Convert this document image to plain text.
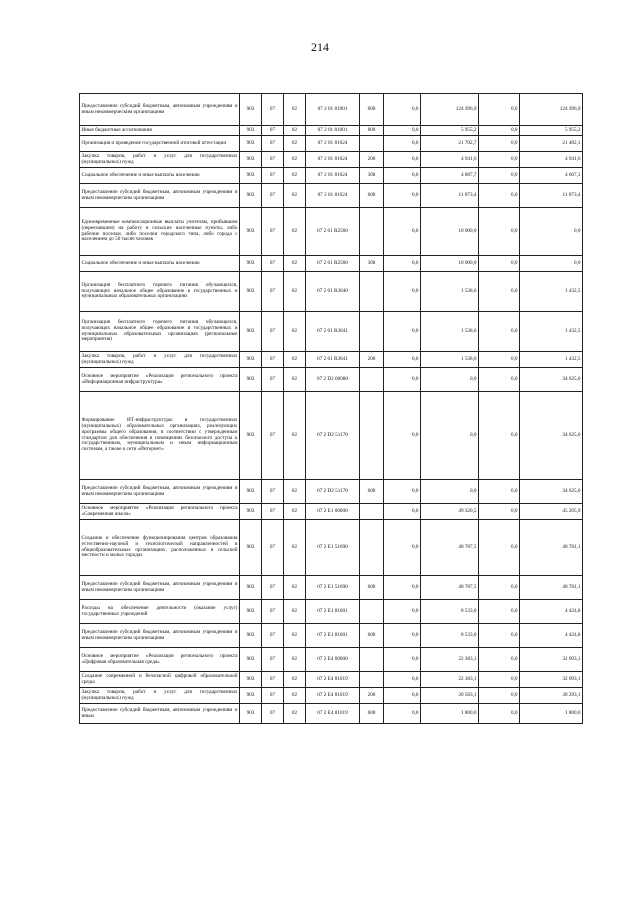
214
Предоставление субсидий бюджетным, автономным учреждениям и иным некоммерческим организациям	903	07	02	07 2 01 81001	600	0,0	124 396,9	0,0	124 396,9
Иные бюджетные ассигнования	903	07	02	07 2 01 81001	800	0,0	5 955,2	0,0	5 955,2
Организация и проведение государственной итоговой аттестации	903	07	02	07 2 01 81024		0,0	21 702,7	0,0	21 482,1
Закупка товаров, работ и услуг для государственных (муниципальных) нужд	903	07	02	07 2 01 81024	200	0,0	4 941,6	0,0	4 941,6
Социальное обеспечение и иные выплаты населению	903	07	02	07 2 01 81024	300	0,0	4 887,7	0,0	4 667,1
Предоставление субсидий бюджетным, автономным учреждениям и иным некоммерческим организациям	903	07	02	07 2 01 81024	600	0,0	11 873,4	0,0	11 873,4
Единовременные компенсационные выплаты учителям, прибывшим (переехавшим) на работу в сельские населенные пункты, либо рабочие поселки, либо поселки городского типа, либо города с населением до 50 тысяч человек	903	07	02	07 2 01 R2560		0,0	10 000,0	0,0	0,0
Социальное обеспечение и иные выплаты населению	903	07	02	07 2 01 R2560	300	0,0	10 000,0	0,0	0,0
Организация бесплатного горячего питания обучающихся, получающих начальное общее образование в государственных и муниципальных образовательных организациях	903	07	02	07 2 01 R3040		0,0	1 538,6	0,0	1 432,5
Организация бесплатного горячего питания обучающихся, получающих начальное общее образование в государственных и муниципальных образовательных организациях (региональные мероприятия)	903	07	02	07 2 01 R3041		0,0	1 538,6	0,0	1 432,5
Закупка товаров, работ и услуг для государственных (муниципальных) нужд	903	07	02	07 2 01 R3041	200	0,0	1 538,6	0,0	1 432,5
Основное мероприятие «Реализация регионального проекта «Информационная инфраструктура»	903	07	02	07 2 D2 00000		0,0	0,0	0,0	34 625,0
Формирование ИТ-инфраструктуры в государственных (муниципальных) образовательных организациях, реализующих программы общего образования, в соответствии с утвержденным стандартом для обеспечения в помещениях безопасного доступа к государственным, муниципальным и иным информационным системам, а также к сети «Интернет»	903	07	02	07 2 D2 51170		0,0	0,0	0,0	34 625,0
Предоставление субсидий бюджетным, автономным учреждениям и иным некоммерческим организациям	903	07	02	07 2 D2 51170	600	0,0	0,0	0,0	34 625,0
Основное мероприятие «Реализация регионального проекта «Современная школа»	903	07	02	07 2 E1 00000		0,0	49 320,5	0,0	45 205,9
Создание и обеспечение функционирования центров образования естественно-научной и технологической направленностей в общеобразовательных организациях, расположенных в сельской местности и малых городах	903	07	02	07 2 E1 51690		0,0	40 787,5	0,0	40 781,1
Предоставление субсидий бюджетным, автономным учреждениям и иным некоммерческим организациям	903	07	02	07 2 E1 51690	600	0,0	40 787,5	0,0	40 781,1
Расходы на обеспечение деятельности (оказание услуг) государственных учреждений	903	07	02	07 2 E1 81001		0,0	8 533,0	0,0	4 424,8
Предоставление субсидий бюджетным, автономным учреждениям и иным некоммерческим организациям	903	07	02	07 2 E1 81001	600	0,0	8 533,0	0,0	4 424,8
Основное мероприятие «Реализация регионального проекта «Цифровая образовательная среда»	903	07	02	07 2 E4 00000		0,0	22 383,1	0,0	32 093,1
Создание современной и безопасной цифровой образовательной среды	903	07	02	07 2 E4 81019		0,0	22 383,1	0,0	32 093,1
Закупка товаров, работ и услуг для государственных (муниципальных) нужд	903	07	02	07 2 E4 81019	200	0,0	20 583,1	0,0	30 293,1
Предоставление субсидий бюджетным, автономным учреждениям и иным	903	07	02	07 2 E4 81019	600	0,0	1 800,0	0,0	1 800,0
